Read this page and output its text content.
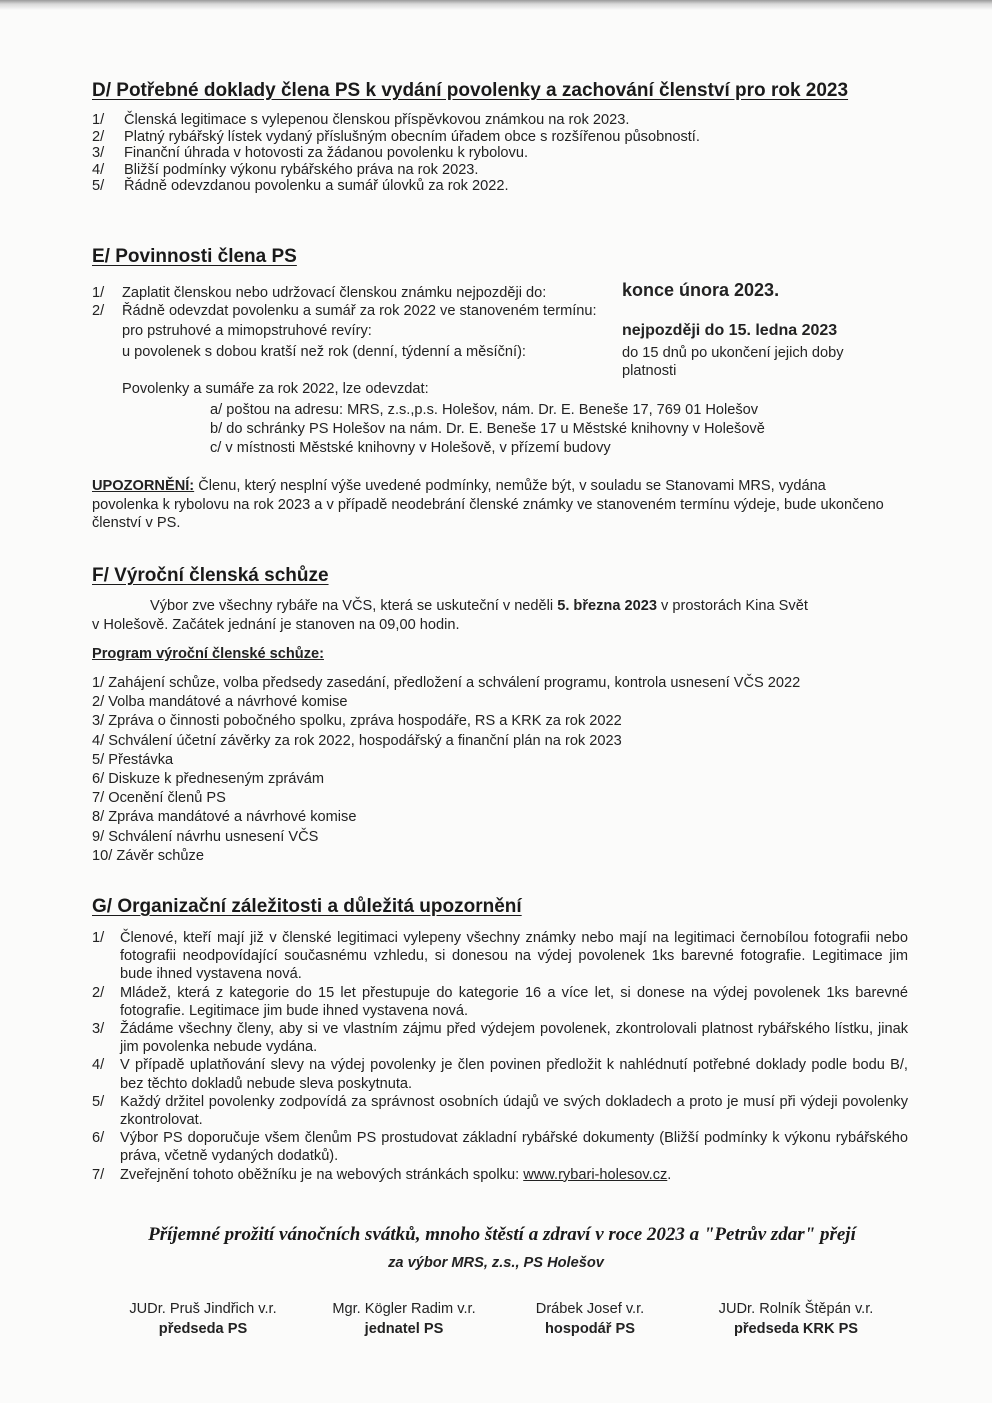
D/ Potřebné doklady člena PS k vydání povolenky a zachování členství pro rok 2023
1/	Členská legitimace s vylepenou členskou příspěvkovou známkou na rok 2023.
2/	Platný rybářský lístek vydaný příslušným obecním úřadem obce s rozšířenou působností.
3/	Finanční úhrada v hotovosti za žádanou povolenku k rybolovu.
4/	Bližší podmínky výkonu rybářského práva na rok 2023.
5/	Řádně odevzdanou povolenku a sumář úlovků za rok 2022.
E/ Povinnosti člena PS
1/ Zaplatit členskou nebo udržovací členskou známku nejpozději do:	konce února 2023.
2/ Řádně odevzdat povolenku a sumář za rok 2022 ve stanoveném termínu:
pro pstruhové a mimopstruhové revíry:	nejpozději do 15. ledna 2023
u povolenek s dobou kratší než rok (denní, týdenní a měsíční):	do 15 dnů po ukončení jejich doby
platnosti
Povolenky a sumáře za rok 2022, lze odevzdat:
a/ poštou na adresu: MRS, z.s.,p.s. Holešov, nám. Dr. E. Beneše 17, 769 01 Holešov
b/ do schránky PS Holešov na nám. Dr. E. Beneše 17 u Městské knihovny v Holešově
c/ v místnosti Městské knihovny v Holešově, v přízemí budovy
UPOZORNĚNÍ: Členu, který nesplní výše uvedené podmínky, nemůže být, v souladu se Stanovami MRS, vydána povolenka k rybolovu na rok 2023 a v případě neodebrání členské známky ve stanoveném termínu výdeje, bude ukončeno členství v PS.
F/ Výroční členská schůze
Výbor zve všechny rybáře na VČS, která se uskuteční v neděli 5. března 2023 v prostorách Kina Svět
v Holešově. Začátek jednání je stanoven na 09,00 hodin.
Program výroční členské schůze:
1/ Zahájení schůze, volba předsedy zasedání, předložení a schválení programu, kontrola usnesení VČS 2022
2/ Volba mandátové a návrhové komise
3/ Zpráva o činnosti pobočného spolku, zpráva hospodáře, RS a KRK za rok 2022
4/ Schválení účetní závěrky za rok 2022, hospodářský a finanční plán na rok 2023
5/ Přestávka
6/ Diskuze k předneseným zprávám
7/ Ocenění členů PS
8/ Zpráva mandátové a návrhové komise
9/ Schválení návrhu usnesení VČS
10/ Závěr schůze
G/ Organizační záležitosti a důležitá upozornění
1/	Členové, kteří mají již v členské legitimaci vylepeny všechny známky nebo mají na legitimaci černobílou fotografii nebo fotografii neodpovídající současnému vzhledu, si donesou na výdej povolenek 1ks barevné fotografie. Legitimace jim bude ihned vystavena nová.
2/	Mládež, která z kategorie do 15 let přestupuje do kategorie 16 a více let, si donese na výdej povolenek 1ks barevné fotografie. Legitimace jim bude ihned vystavena nová.
3/	Žádáme všechny členy, aby si ve vlastním zájmu před výdejem povolenek, zkontrolovali platnost rybářského lístku, jinak jim povolenka nebude vydána.
4/	V případě uplatňování slevy na výdej povolenky je člen povinen předložit k nahlédnutí potřebné doklady podle bodu B/, bez těchto dokladů nebude sleva poskytnuta.
5/	Každý držitel povolenky zodpovídá za správnost osobních údajů ve svých dokladech a proto je musí při výdeji povolenky zkontrolovat.
6/	Výbor PS doporučuje všem členům PS prostudovat základní rybářské dokumenty (Bližší podmínky k výkonu rybářského práva, včetně vydaných dodatků).
7/	Zveřejnění tohoto oběžníku je na webových stránkách spolku: www.rybari-holesov.cz.
Příjemné prožití vánočních svátků, mnoho štěstí a zdraví v roce 2023 a "Petrův zdar" přejí
za výbor MRS, z.s., PS Holešov
JUDr. Pruš Jindřich v.r.
předseda PS
Mgr. Kögler Radim v.r.
jednatel PS
Drábek Josef v.r.
hospodář PS
JUDr. Rolník Štěpán v.r.
předseda KRK PS
